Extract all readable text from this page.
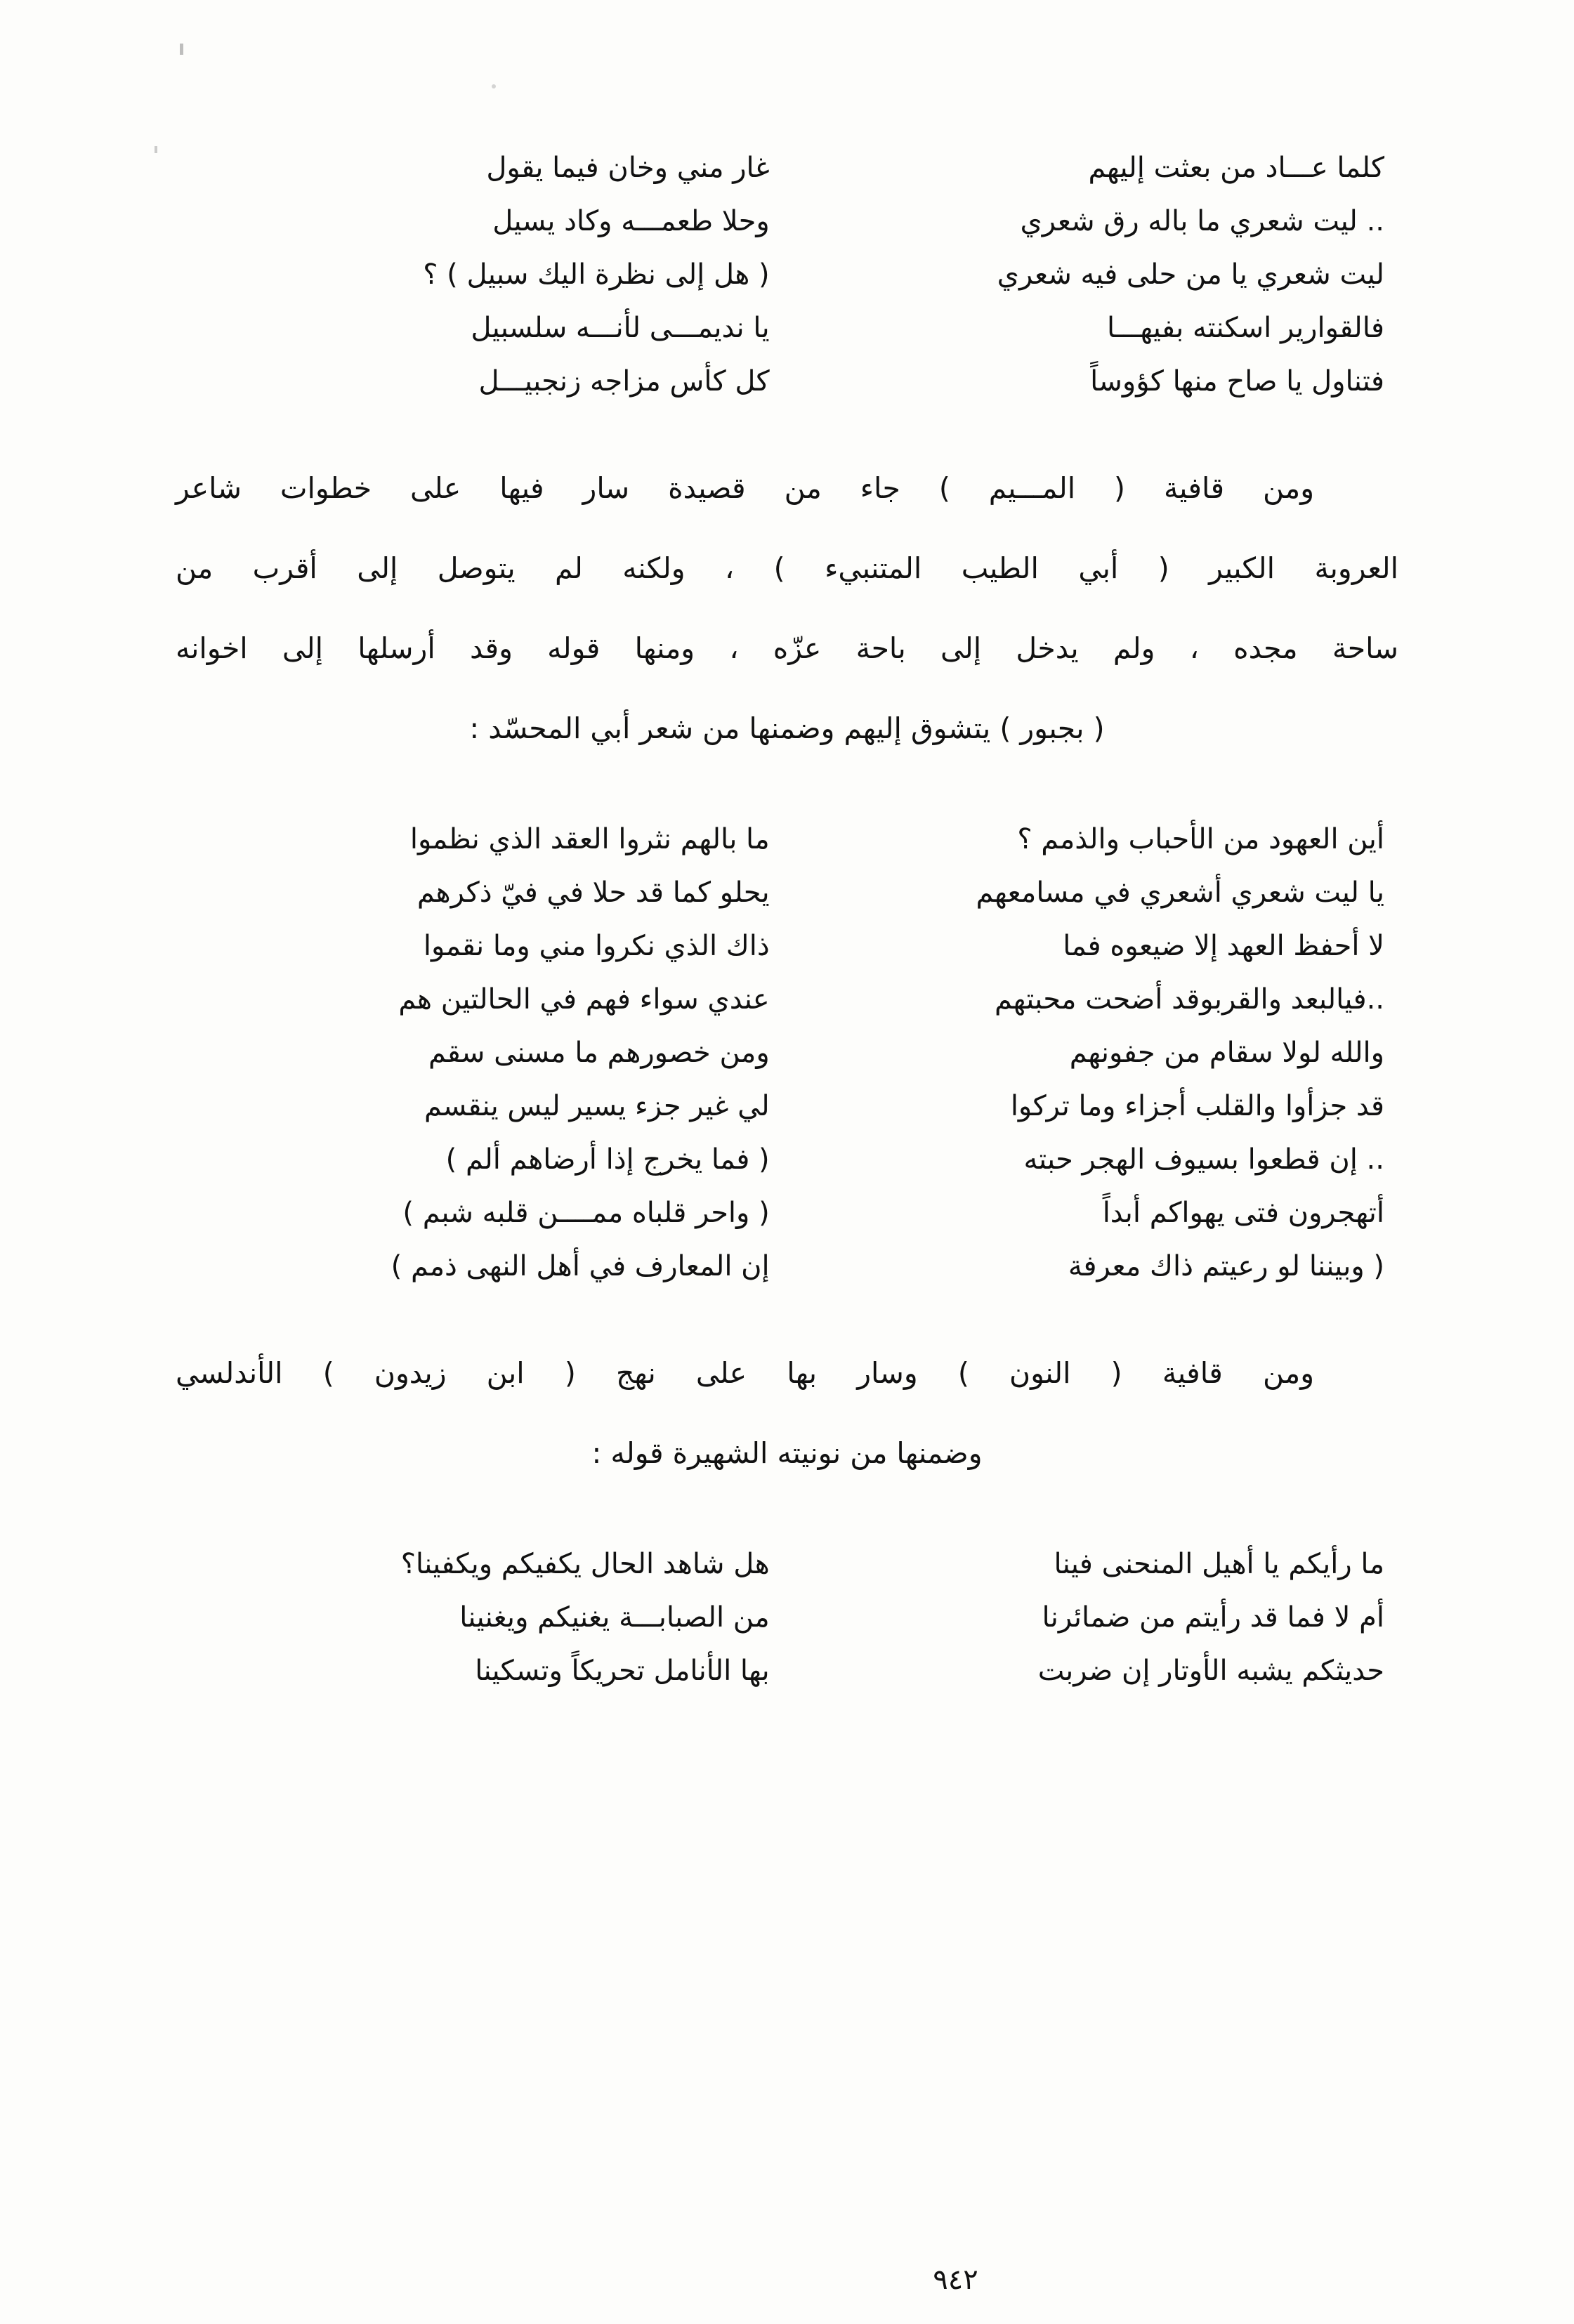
كلما عـــاد من بعثت إليهم
غار مني وخان فيما يقول
.. ليت شعري ما باله رق شعري
وحلا طعمـــه وكاد يسيل
ليت شعري يا من حلى فيه شعري
( هل إلى نظرة اليك سبيل ) ؟
فالقوارير اسكنته بفيهـــا
يا نديمـــى لأنـــه سلسبيل
فتناول يا صاح منها كؤوساً
كل كأس مزاجه زنجبيـــل
ومن قافية ( المـــيم ) جاء من قصيدة سار فيها على خطوات شاعر
العروبة الكبير ( أبي الطيب المتنبيء ) ، ولكنه لم يتوصل إلى أقرب من
ساحة مجده ، ولم يدخل إلى باحة عزّه ، ومنها قوله وقد أرسلها إلى اخوانه
( بجبور ) يتشوق إليهم وضمنها من شعر أبي المحسّد :
أين العهود من الأحباب والذمم ؟
ما بالهم نثروا العقد الذي نظموا
يا ليت شعري أشعري في مسامعهم
يحلو كما قد حلا في فيّ ذكرهم
لا أحفظ العهد إلا ضيعوه فما
ذاك الذي نكروا مني وما نقموا
..فيالبعد والقربوقد أضحت محبتهم
عندي سواء فهم في الحالتين هم
والله لولا سقام من جفونهم
ومن خصورهم ما مسنى سقم
قد جزأوا والقلب أجزاء وما تركوا
لي غير جزء يسير ليس ينقسم
.. إن قطعوا بسيوف الهجر حبته
( فما يخرج إذا أرضاهم ألم )
أتهجرون فتى يهواكم أبداً
( واحر قلباه ممــــن قلبه شبم )
( وبيننا لو رعيتم ذاك معرفة
إن المعارف في أهل النهى ذمم )
ومن قافية ( النون ) وسار بها على نهج ( ابن زيدون ) الأندلسي
وضمنها من نونيته الشهيرة قوله :
ما رأيكم يا أهيل المنحنى فينا
هل شاهد الحال يكفيكم ويكفينا؟
أم لا فما قد رأيتم من ضمائرنا
من الصبابـــة يغنيكم ويغنينا
حديثكم يشبه الأوتار إن ضربت
بها الأنامل تحريكاً وتسكينا
٩٤٢
